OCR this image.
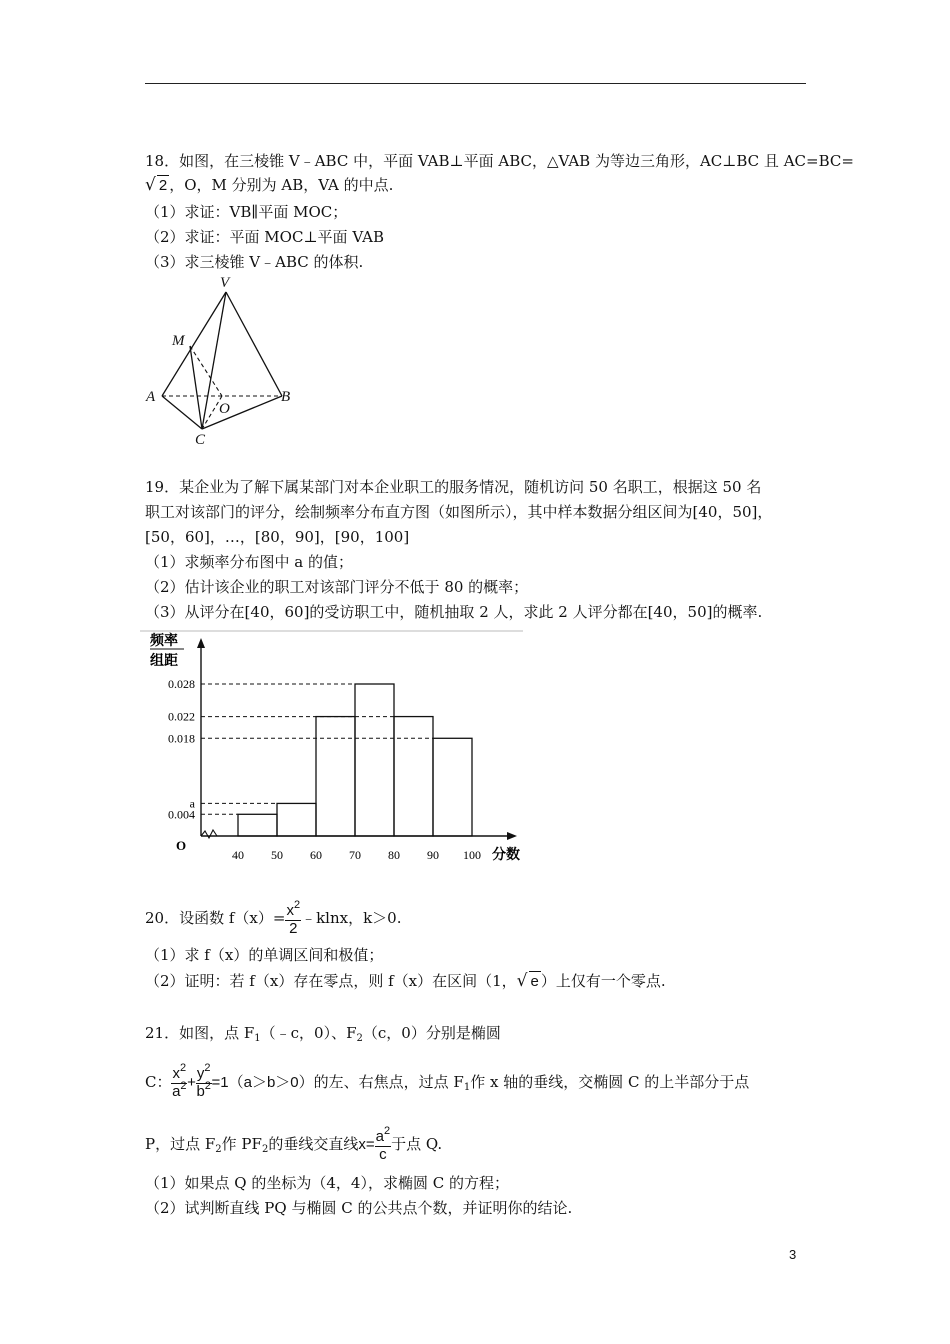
18．如图，在三棱锥 V﹣ABC 中，平面 VAB⊥平面 ABC，△VAB 为等边三角形，AC⊥BC 且 AC=BC=
√ 2 ，O，M 分别为 AB，VA 的中点.
（1）求证：VB∥平面 MOC；
（2）求证：平面 MOC⊥平面 VAB
（3）求三棱锥 V﹣ABC 的体积.
V
M
A
O
B
C
19．某企业为了解下属某部门对本企业职工的服务情况，随机访问 50 名职工，根据这 50 名
职工对该部门的评分，绘制频率分布直方图（如图所示），其中样本数据分组区间为[40，50]，
[50，60]，…，[80，90]，[90，100]
（1）求频率分布图中 a 的值；
（2）估计该企业的职工对该部门评分不低于 80 的概率；
（3）从评分在[40，60]的受访职工中，随机抽取 2 人，求此 2 人评分都在[40，50]的概率.
0.028
0.022
0.018
a
0.004
40 50 60 70 80 90 100
频率
组距
O
分数
20．设函数 $f(x)= \frac{x^2}{2}$ ﹣klnx，k＞0.
（1）求 f（x）的单调区间和极值；
（2）证明：若 f（x）存在零点，则 f（x）在区间（1，√ e ）上仅有一个零点.
21．如图，点 $F_1(﹣c$，0）、$F_2(c$，0）分别是椭圆
C： $\frac{x^2}{a^2} + \frac{y^2}{b^2} =1(a>b>0)$的左、右焦点，过点 $F_1$作 x 轴的垂线，交椭圆 C 的上半部分于点
P，过点 $F_2$作 $PF_2$的垂线交直线$x= \frac{a^2}{c}$ 于点 Q.
（1）如果点 Q 的坐标为（4，4），求椭圆 C 的方程；
（2）试判断直线 PQ 与椭圆 C 的公共点个数，并证明你的结论.
3
